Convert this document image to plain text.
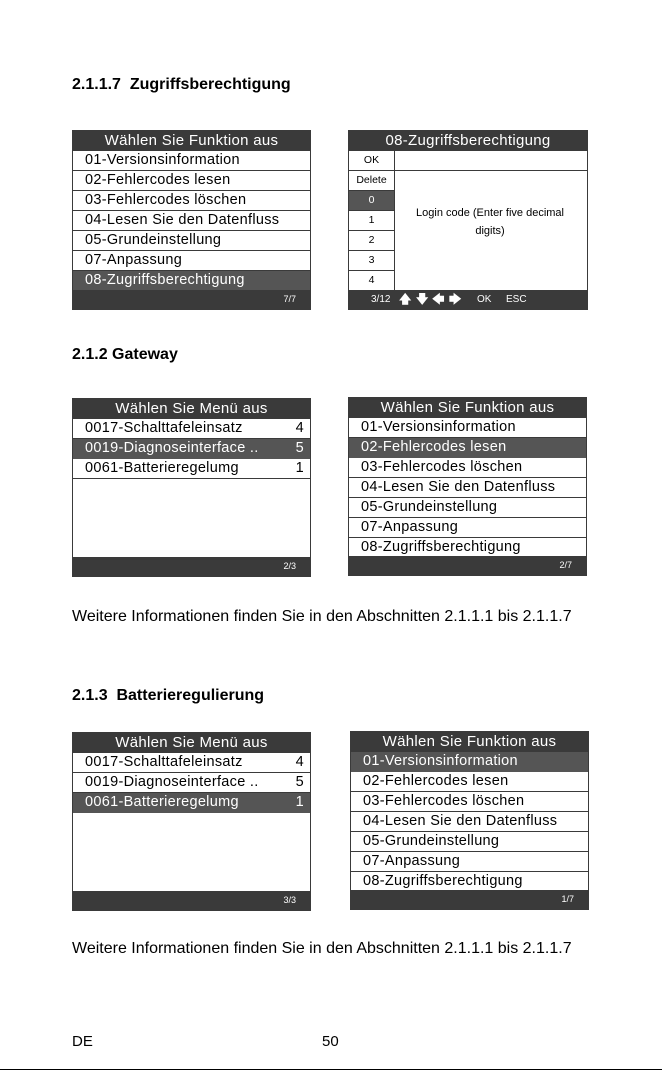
2.1.1.7  Zugriffsberechtigung
Wählen Sie Funktion aus
01-Versionsinformation
02-Fehlercodes lesen
03-Fehlercodes löschen
04-Lesen Sie den Datenfluss
05-Grundeinstellung
07-Anpassung
08-Zugriffsberechtigung
7/7
08-Zugriffsberechtigung
OK
Delete
0
1
2
3
4
Login code (Enter five decimal digits)
3/12 🡅 🡇 🡄 🡆 OK ESC
2.1.2 Gateway
Wählen Sie Menü aus
0017-Schalttafeleinsatz	4
0019-Diagnoseinterface ..	5
0061-Batterieregelumg	1
2/3
Wählen Sie Funktion aus
01-Versionsinformation
02-Fehlercodes lesen
03-Fehlercodes löschen
04-Lesen Sie den Datenfluss
05-Grundeinstellung
07-Anpassung
08-Zugriffsberechtigung
2/7

Weitere Informationen finden Sie in den Abschnitten 2.1.1.1 bis 2.1.1.7

2.1.3  Batterieregulierung
Wählen Sie Menü aus
0017-Schalttafeleinsatz	4
0019-Diagnoseinterface ..	5
0061-Batterieregelumg	1
3/3
Wählen Sie Funktion aus
01-Versionsinformation
02-Fehlercodes lesen
03-Fehlercodes löschen
04-Lesen Sie den Datenfluss
05-Grundeinstellung
07-Anpassung
08-Zugriffsberechtigung
1/7

Weitere Informationen finden Sie in den Abschnitten 2.1.1.1 bis 2.1.1.7

DE	50
